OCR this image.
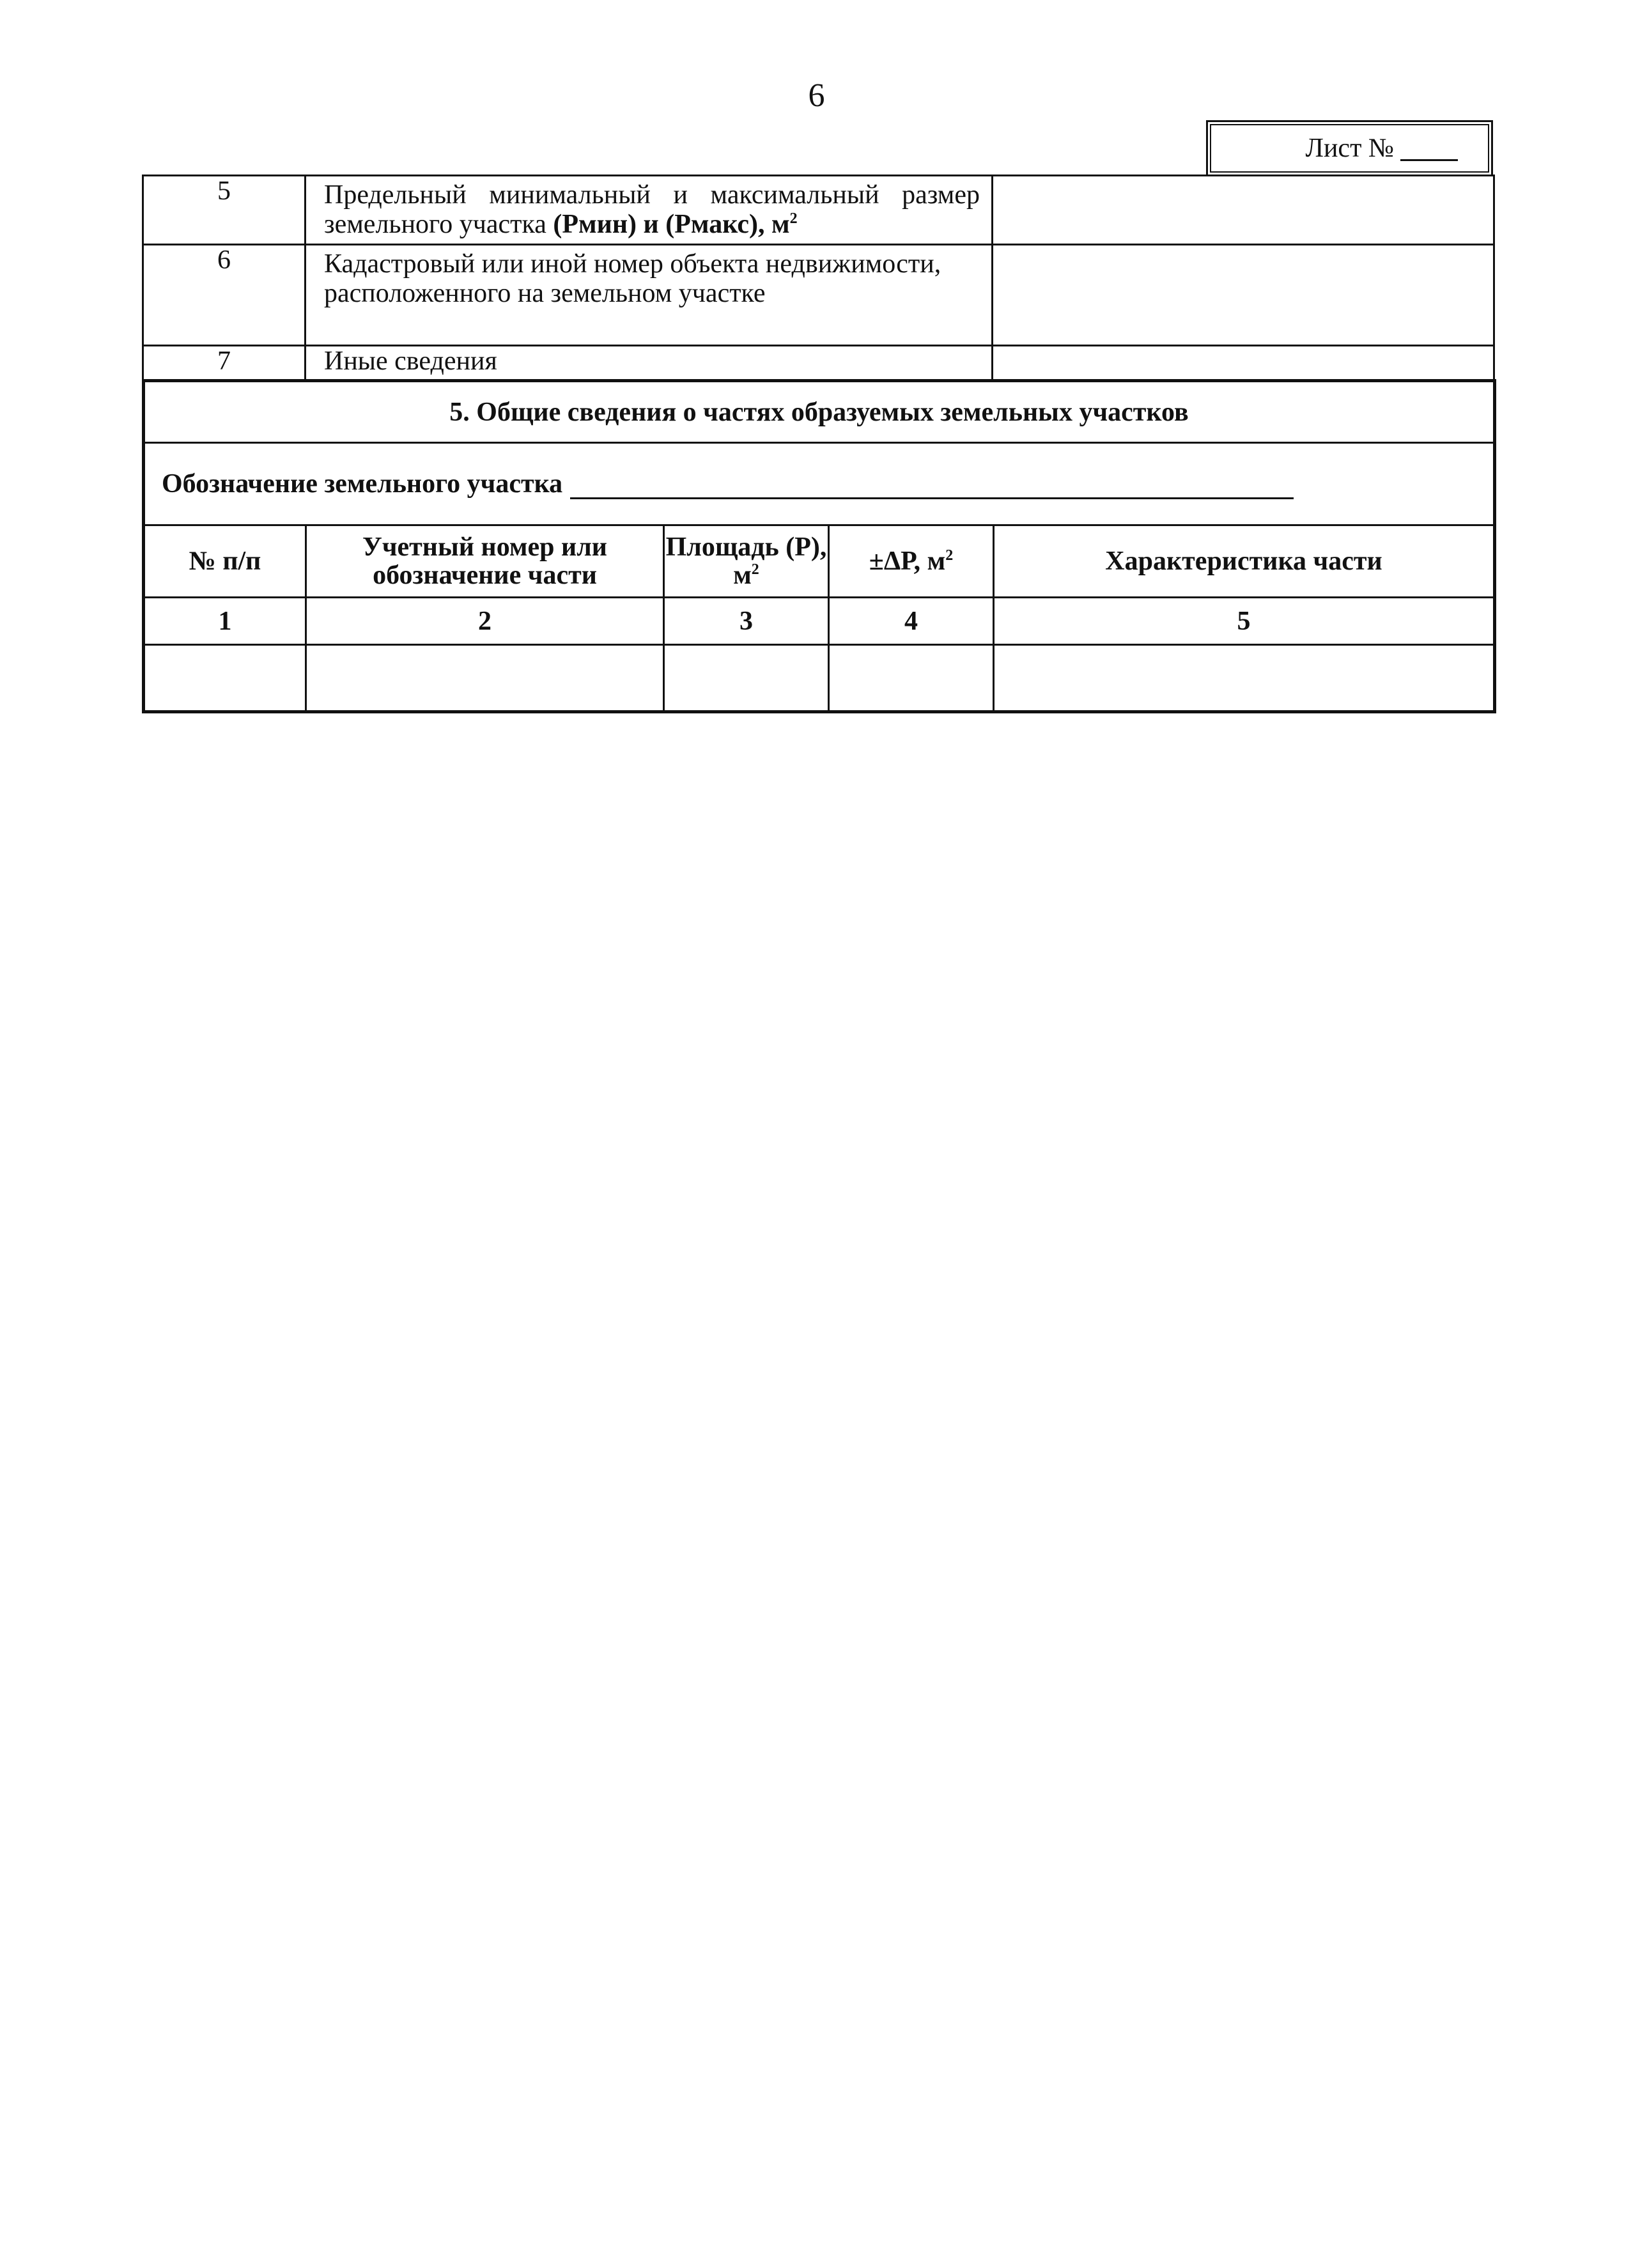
6
Лист №
5	Предельный минимальный и максимальный размер
земельного участка (Рмин) и (Рмакс), $м^2$

6	Кадастровый или иной номер объекта недвижимости, расположенного на земельном участке	
7	Иные сведения	
5. Общие сведения о частях образуемых земельных участков				
Обозначение земельного участка				
№ п/п	Учетный номер или обозначение части	Площадь (Р), $м^2$	±ΔР, $м^2$	Характеристика части
1	2	3	4	5
